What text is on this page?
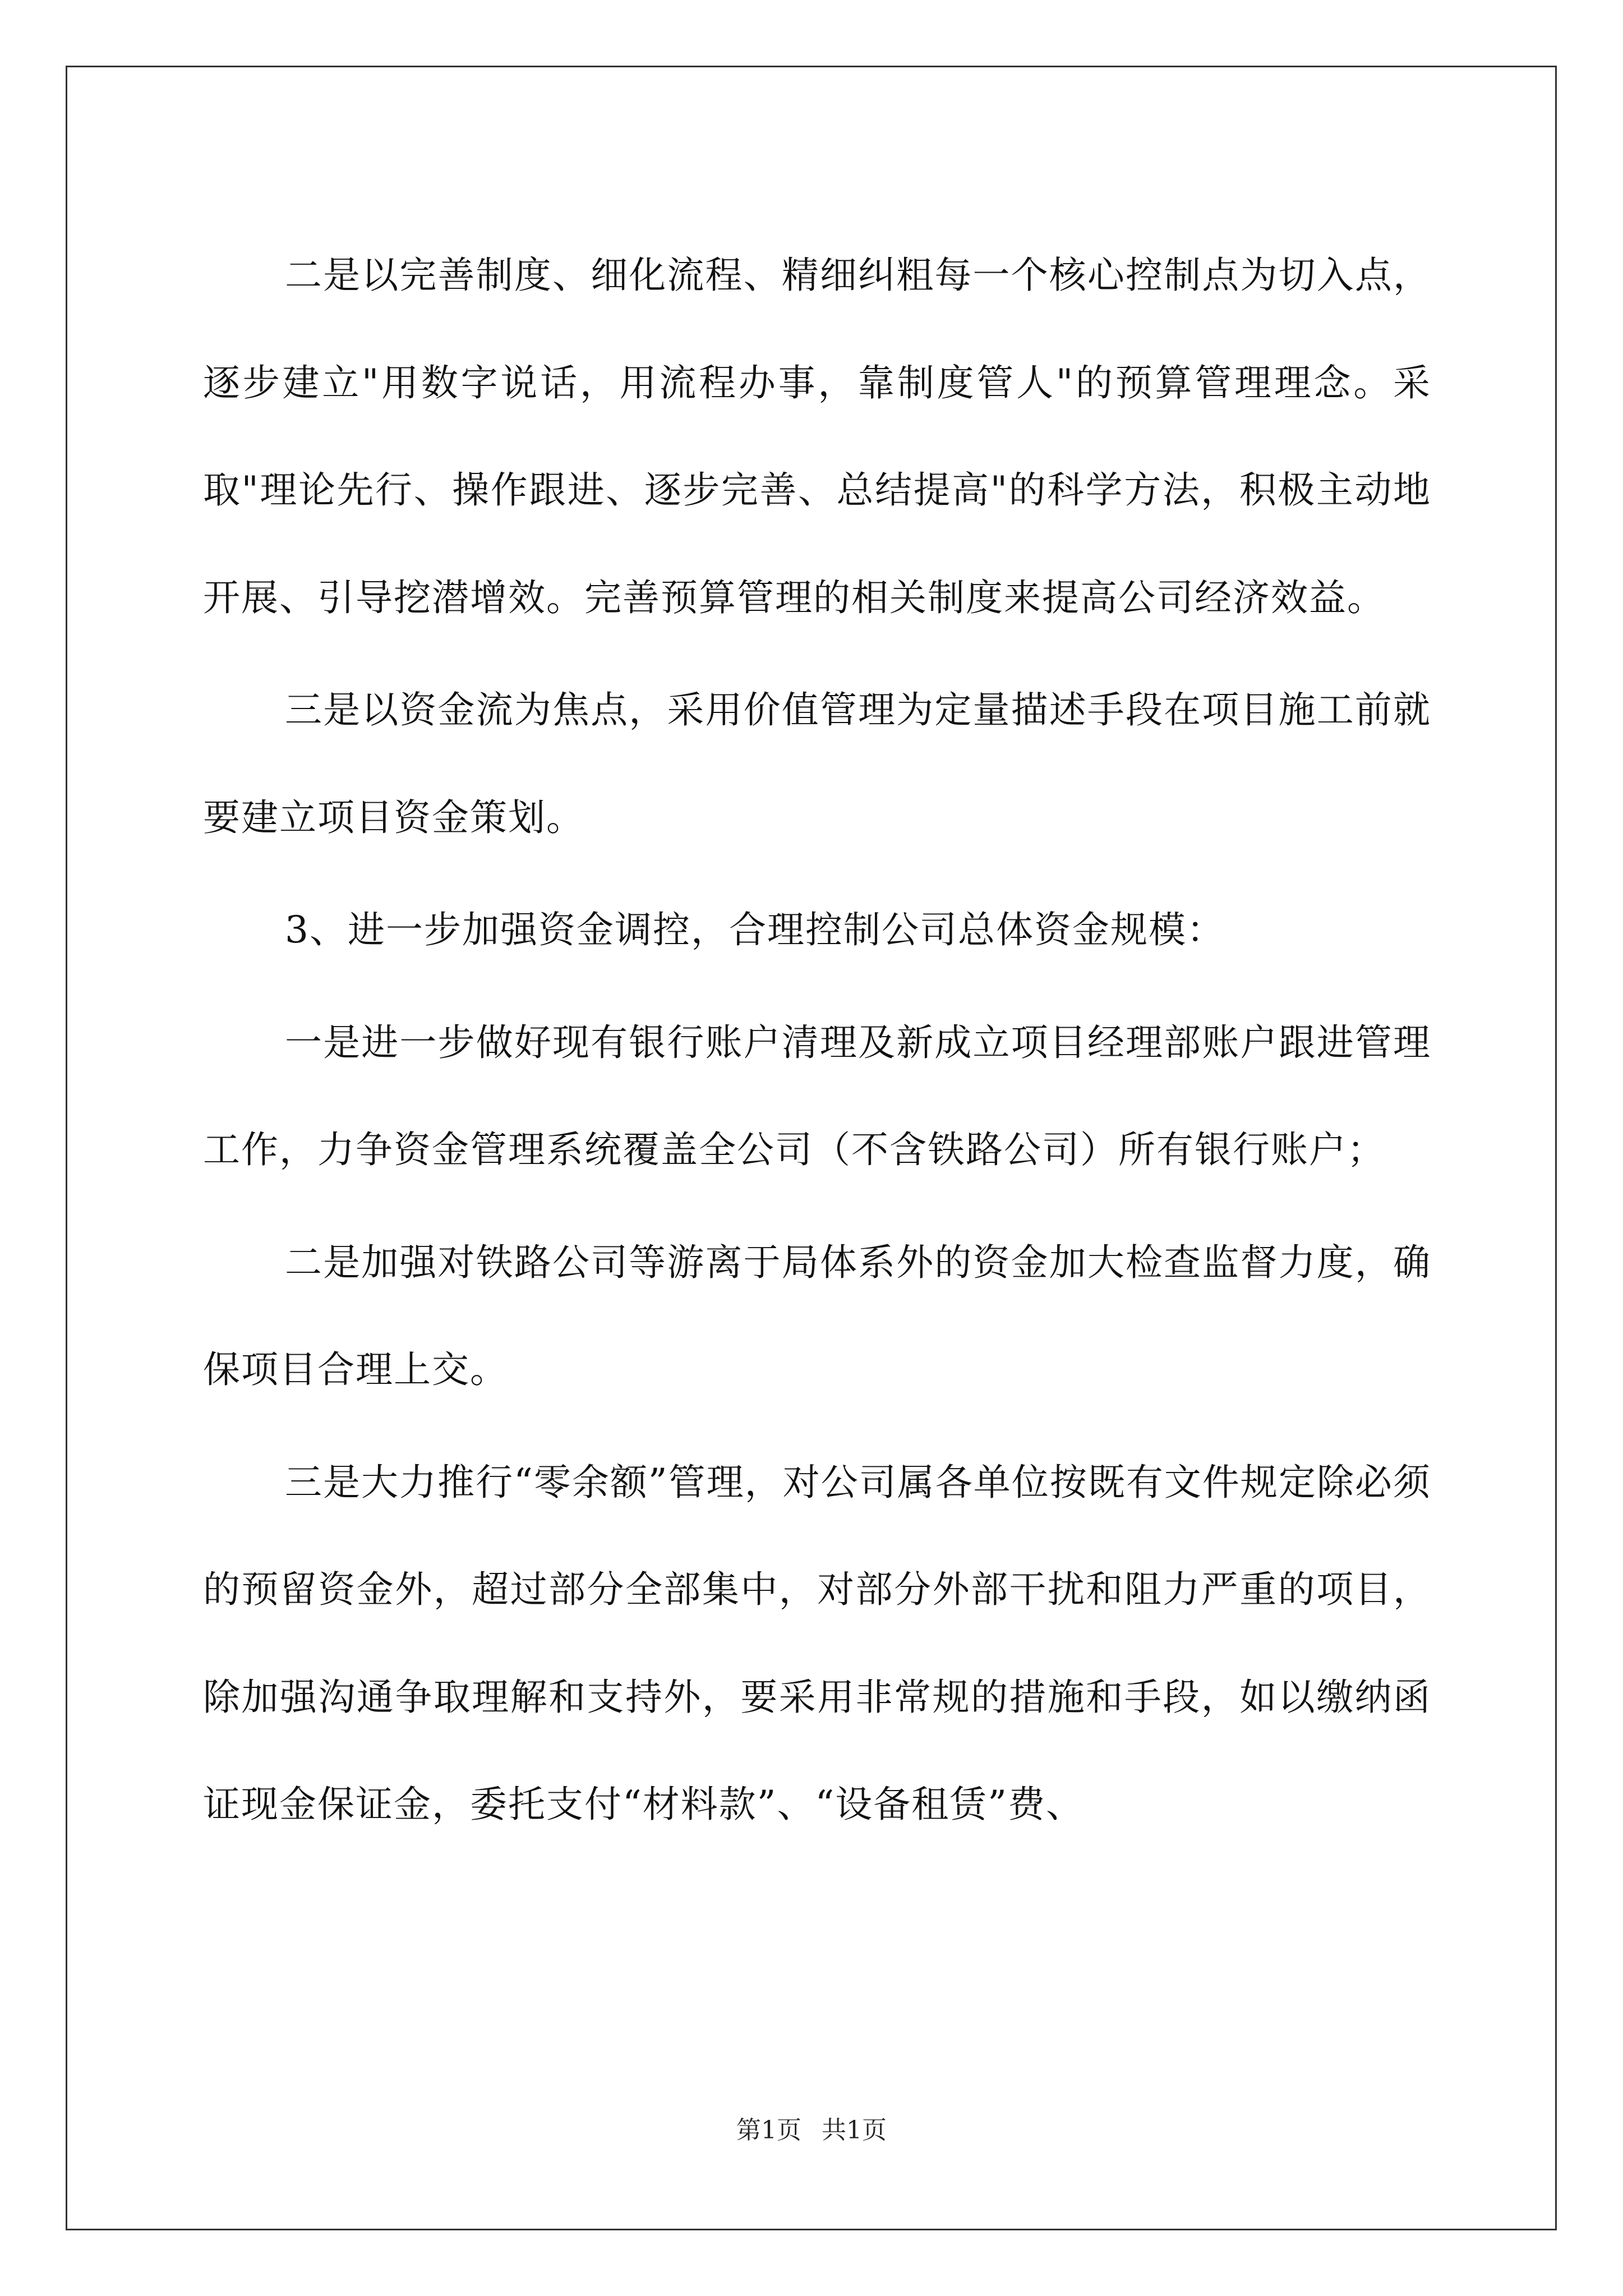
二是以完善制度、细化流程、精细纠粗每一个核心控制点为切入点，  逐步建立"用数字说话，用流程办事，靠制度管人"的预算管理理念。采取"理论先行、操作跟进、逐步完善、总结提高"的科学方法，积极主动地开展、引导挖潜增效。完善预算管理的相关制度来提高公司经济效益。

三是以资金流为焦点，采用价值管理为定量描述手段在项目施工前就要建立项目资金策划。

3、进一步加强资金调控，合理控制公司总体资金规模：

一是进一步做好现有银行账户清理及新成立项目经理部账户跟进管理工作，力争资金管理系统覆盖全公司（不含铁路公司）所有银行账户；

二是加强对铁路公司等游离于局体系外的资金加大检查监督力度，确保项目合理上交。

三是大力推行“零余额”管理，对公司属各单位按既有文件规定除必须的预留资金外，超过部分全部集中，对部分外部干扰和阻力严重的项目，除加强沟通争取理解和支持外，要采用非常规的措施和手段，如以缴纳函证现金保证金，委托支付“材料款”、“设备租赁”费、

第1页 共1页
